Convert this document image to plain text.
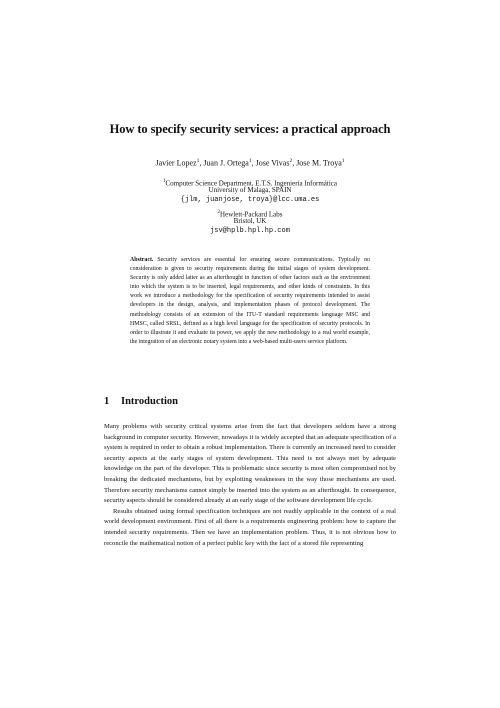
How to specify security services: a practical approach
Javier Lopez$^1$, Juan J. Ortega$^1$, Jose Vivas$^2$, Jose M. Troya$^1$
$^1$Computer Science Department, E.T.S. Ingeniería Informática
University of Malaga, SPAIN
{jlm, juanjose, troya}@lcc.uma.es
$^2$Hewlett-Packard Labs
Bristol, UK
jsv@hplb.hpl.hp.com
Abstract. Security services are essential for ensuring secure communications. Typically no consideration is given to security requirements during the initial stages of system development. Security is only added latter as an afterthought in function of other factors such as the environment into which the system is to be inserted, legal requirements, and other kinds of constraints. In this work we introduce a methodology for the specification of security requirements intended to assist developers in the design, analysis, and implementation phases of protocol development. The methodology consists of an extension of the ITU-T standard requirements language MSC and HMSC, called SRSL, defined as a high level language for the specification of security protocols. In order to illustrate it and evaluate its power, we apply the new methodology to a real world example, the integration of an electronic notary system into a web-based multi-users service platform.
1 Introduction

Many problems with security critical systems arise from the fact that developers seldom have a strong background in computer security. However, nowadays it is widely accepted that an adequate specification of a system is required in order to obtain a robust implementation. There is currently an increased need to consider security aspects at the early stages of system development. This need is not always met by adequate knowledge on the part of the developer. This is problematic since security is most often compromised not by breaking the dedicated mechanisms, but by exploiting weaknesses in the way those mechanisms are used. Therefore security mechanisms cannot simply be inserted into the system as an afterthought. In consequence, security aspects should be considered already at an early stage of the software development life cycle.

Results obtained using formal specification techniques are not readily applicable in the context of a real world development environment. First of all there is a requirements engineering problem: how to capture the intended security requirements. Then we have an implementation problem. Thus, it is not obvious how to reconcile the mathematical notion of a perfect public key with the fact of a stored file representing
